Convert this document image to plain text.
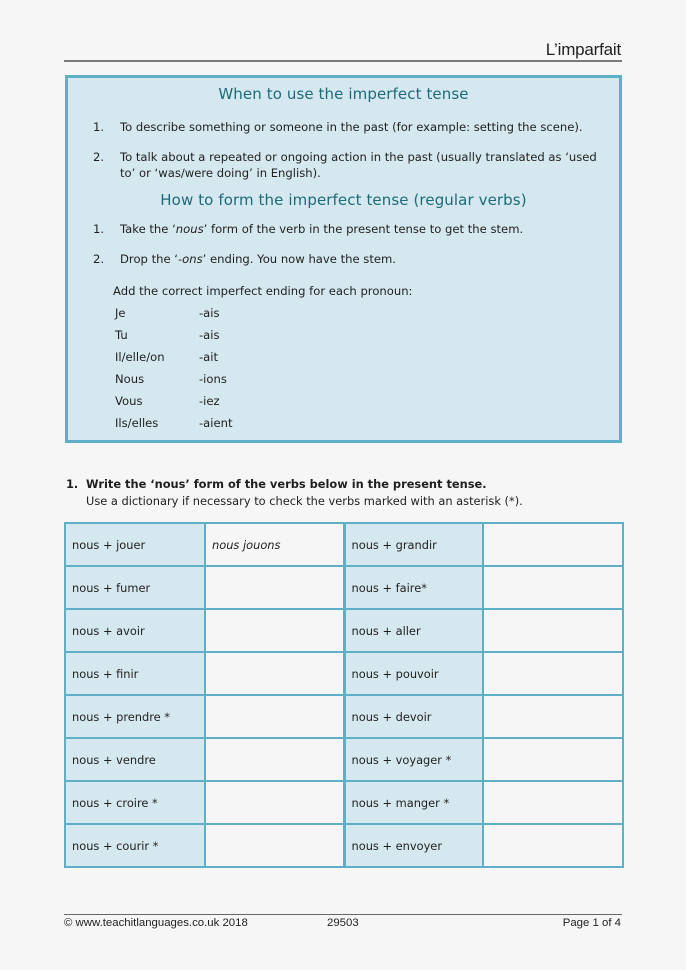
L’imparfait
When to use the imperfect tense
1. To describe something or someone in the past (for example: setting the scene).
2. To talk about a repeated or ongoing action in the past (usually translated as ‘used to’ or ‘was/were doing’ in English).
How to form the imperfect tense (regular verbs)
1. Take the ‘nous’ form of the verb in the present tense to get the stem.
2. Drop the ‘-ons’ ending. You now have the stem.
Add the correct imperfect ending for each pronoun:
Je	-ais
Tu	-ais
Il/elle/on	-ait
Nous	-ions
Vous	-iez
Ils/elles	-aient
1. Write the ‘nous’ form of the verbs below in the present tense.
Use a dictionary if necessary to check the verbs marked with an asterisk (*).
nous + jouer	nous jouons	nous + grandir	
nous + fumer		nous + faire*	
nous + avoir		nous + aller	
nous + finir		nous + pouvoir	
nous + prendre *		nous + devoir	
nous + vendre		nous + voyager *	
nous + croire *		nous + manger *	
nous + courir *		nous + envoyer	
© www.teachitlanguages.co.uk 2018	29503	Page 1 of 4
